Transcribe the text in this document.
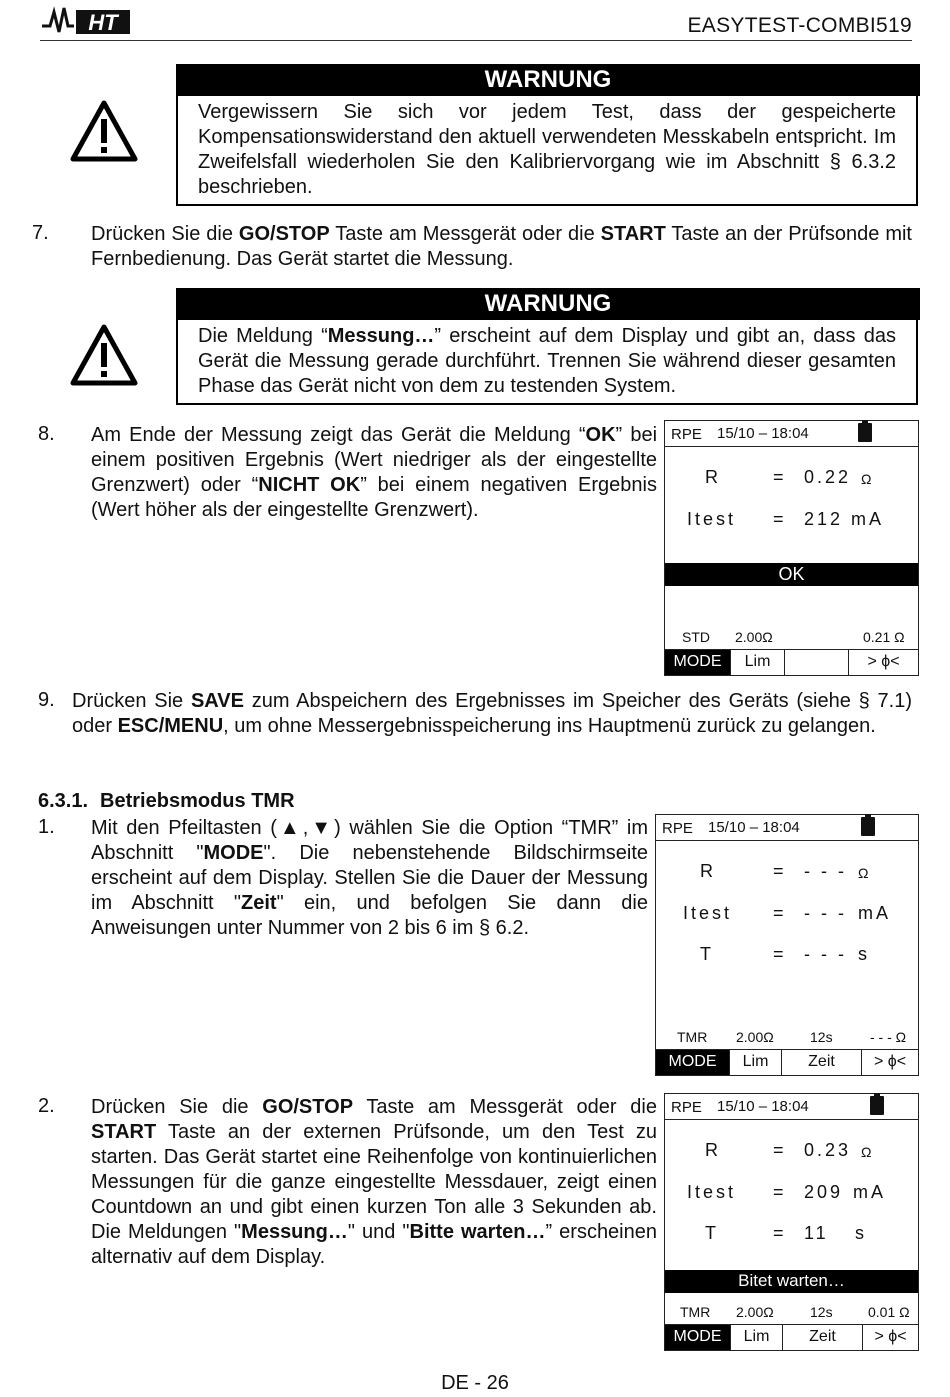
HT	EASYTEST-COMBI519
WARNUNG
Vergewissern Sie sich vor jedem Test, dass der gespeicherte Kompensationswiderstand den aktuell verwendeten Messkabeln entspricht. Im Zweifelsfall wiederholen Sie den Kalibriervorgang wie im Abschnitt § 6.3.2 beschrieben.
7. Drücken Sie die GO/STOP Taste am Messgerät oder die START Taste an der Prüfsonde mit Fernbedienung. Das Gerät startet die Messung.
WARNUNG
Die Meldung “Messung…” erscheint auf dem Display und gibt an, dass das Gerät die Messung gerade durchführt. Trennen Sie während dieser gesamten Phase das Gerät nicht von dem zu testenden System.
8. Am Ende der Messung zeigt das Gerät die Meldung “OK” bei einem positiven Ergebnis (Wert niedriger als der eingestellte Grenzwert) oder “NICHT OK” bei einem negativen Ergebnis (Wert höher als der eingestellte Grenzwert).
RPE 15/10 – 18:04
R	= 0.22 Ω
Itest = 212 mA
OK
STD 2.00Ω	0.21 Ω
MODE	Lim	> ϕ<
9. Drücken Sie SAVE zum Abspeichern des Ergebnisses im Speicher des Geräts (siehe § 7.1) oder ESC/MENU, um ohne Messergebnisspeicherung ins Hauptmenü zurück zu gelangen.
6.3.1. Betriebsmodus TMR
1. Mit den Pfeiltasten (▲,▼) wählen Sie die Option “TMR” im Abschnitt "MODE". Die nebenstehende Bildschirmseite erscheint auf dem Display. Stellen Sie die Dauer der Messung im Abschnitt "Zeit" ein, und befolgen Sie dann die Anweisungen unter Nummer von 2 bis 6 im § 6.2.
RPE 15/10 – 18:04
R	= - - - Ω
Itest = - - - mA
T	= - - - s
TMR 2.00Ω	12s	- - - Ω
MODE	Lim	Zeit	> ϕ<
2. Drücken Sie die GO/STOP Taste am Messgerät oder die START Taste an der externen Prüfsonde, um den Test zu starten. Das Gerät startet eine Reihenfolge von kontinuierlichen Messungen für die ganze eingestellte Messdauer, zeigt einen Countdown an und gibt einen kurzen Ton alle 3 Sekunden ab. Die Meldungen "Messung…" und "Bitte warten…” erscheinen alternativ auf dem Display.
RPE 15/10 – 18:04
R	= 0.23 Ω
Itest = 209 mA
T	= 11 s
Bitet warten…
TMR 2.00Ω	12s	0.01 Ω
MODE	Lim	Zeit	> ϕ<
DE - 26
